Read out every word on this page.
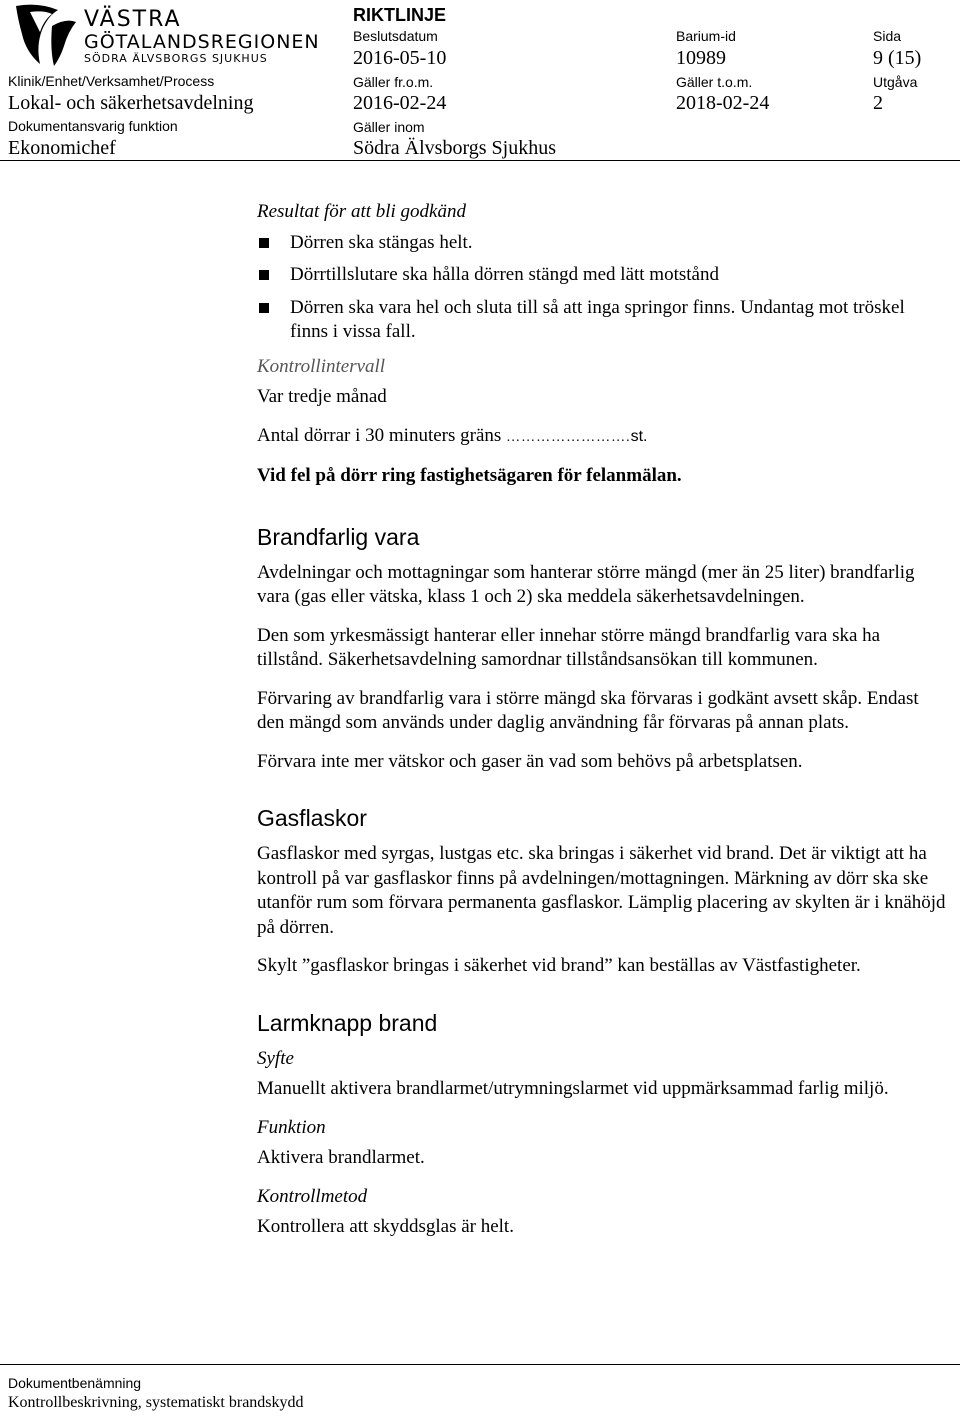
VÄSTRA
GÖTALANDSREGIONEN
SÖDRA ÄLVSBORGS SJUKHUS
Klinik/Enhet/Verksamhet/Process
Lokal- och säkerhetsavdelning
Dokumentansvarig funktion
Ekonomichef
RIKTLINJE
Beslutsdatum
2016-05-10
Gäller fr.o.m.
2016-02-24
Gäller inom
Södra Älvsborgs Sjukhus
Barium-id
10989
Gäller t.o.m.
2018-02-24
Sida
9 (15)
Utgåva
2
Resultat för att bli godkänd
Dörren ska stängas helt.
Dörrtillslutare ska hålla dörren stängd med lätt motstånd
Dörren ska vara hel och sluta till så att inga springor finns. Undantag mot tröskel finns i vissa fall.
Kontrollintervall
Var tredje månad
Antal dörrar i 30 minuters gräns …………………….st.
Vid fel på dörr ring fastighetsägaren för felanmälan.
Brandfarlig vara
Avdelningar och mottagningar som hanterar större mängd (mer än 25 liter) brandfarlig vara (gas eller vätska, klass 1 och 2) ska meddela säkerhetsavdelningen.
Den som yrkesmässigt hanterar eller innehar större mängd brandfarlig vara ska ha tillstånd. Säkerhetsavdelning samordnar tillståndsansökan till kommunen.
Förvaring av brandfarlig vara i större mängd ska förvaras i godkänt avsett skåp. Endast den mängd som används under daglig användning får förvaras på annan plats.
Förvara inte mer vätskor och gaser än vad som behövs på arbetsplatsen.
Gasflaskor
Gasflaskor med syrgas, lustgas etc. ska bringas i säkerhet vid brand. Det är viktigt att ha kontroll på var gasflaskor finns på avdelningen/mottagningen. Märkning av dörr ska ske utanför rum som förvara permanenta gasflaskor. Lämplig placering av skylten är i knähöjd på dörren.
Skylt ”gasflaskor bringas i säkerhet vid brand” kan beställas av Västfastigheter.
Larmknapp brand
Syfte
Manuellt aktivera brandlarmet/utrymningslarmet vid uppmärksammad farlig miljö.
Funktion
Aktivera brandlarmet.
Kontrollmetod
Kontrollera att skyddsglas är helt.
Dokumentbenämning
Kontrollbeskrivning, systematiskt brandskydd
